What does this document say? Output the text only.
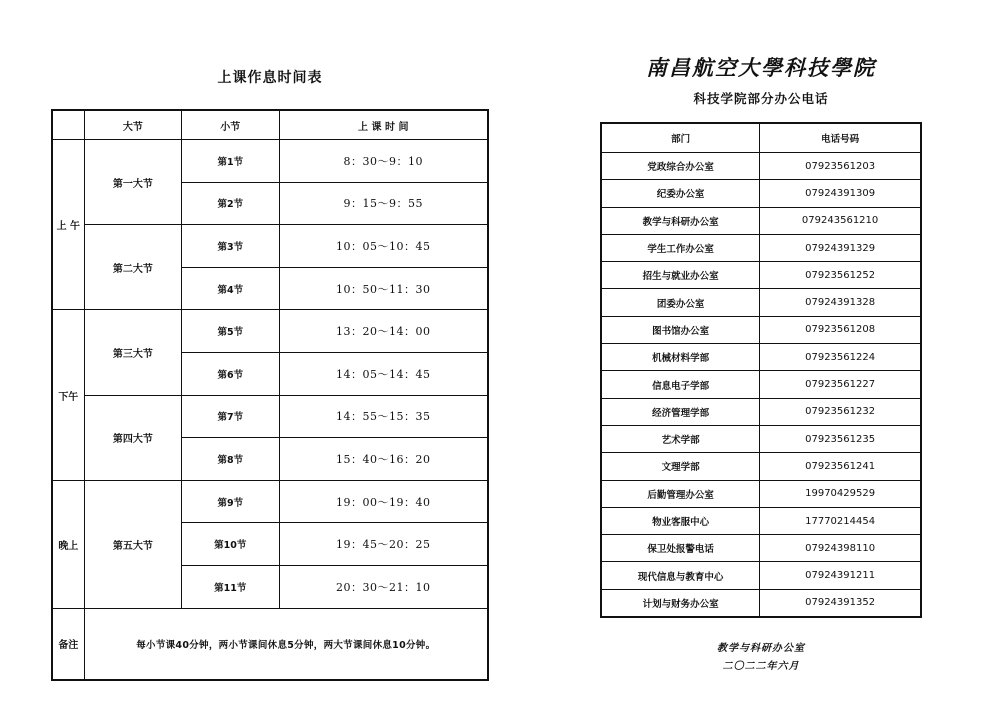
上课作息时间表
	大节	小节	上 课 时 间
上 午	第一大节	第1节	8：30～9：10
		第2节	9：15～9：55
	第二大节	第3节	10：05～10：45
		第4节	10：50～11：30
下午	第三大节	第5节	13：20～14：00
		第6节	14：05～14：45
	第四大节	第7节	14：55～15：35
		第8节	15：40～16：20
晚上	第五大节	第9节	19：00～19：40
		第10节	19：45～20：25
		第11节	20：30～21：10
备注	每小节课40分钟，两小节课间休息5分钟，两大节课间休息10分钟。		
南昌航空大學科技學院
科技学院部分办公电话
部门	电话号码
党政综合办公室	07923561203
纪委办公室	07924391309
教学与科研办公室	079243561210
学生工作办公室	07924391329
招生与就业办公室	07923561252
团委办公室	07924391328
图书馆办公室	07923561208
机械材料学部	07923561224
信息电子学部	07923561227
经济管理学部	07923561232
艺术学部	07923561235
文理学部	07923561241
后勤管理办公室	19970429529
物业客服中心	17770214454
保卫处报警电话	07924398110
现代信息与教育中心	07924391211
计划与财务办公室	07924391352
教学与科研办公室
二〇二二年六月
